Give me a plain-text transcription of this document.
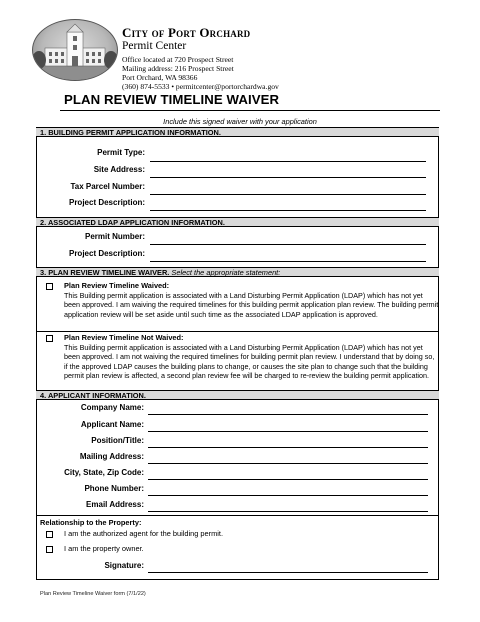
City of Port Orchard
Permit Center
Office located at 720 Prospect Street
Mailing address: 216 Prospect Street
Port Orchard, WA 98366
(360) 874-5533 • permitcenter@portorchardwa.gov
PLAN REVIEW TIMELINE WAIVER
Include this signed waiver with your application
1. BUILDING PERMIT APPLICATION INFORMATION.
Permit Type:
Site Address:
Tax Parcel Number:
Project Description:
2. ASSOCIATED LDAP APPLICATION INFORMATION.
Permit Number:
Project Description:
3. PLAN REVIEW TIMELINE WAIVER. Select the appropriate statement:
Plan Review Timeline Waived:
This Building permit application is associated with a Land Disturbing Permit Application (LDAP) which has not yet been approved. I am waiving the required timelines for this building permit application plan review. The building permit application review will be set aside until such time as the associated LDAP application is approved.
Plan Review Timeline Not Waived:
This Building permit application is associated with a Land Disturbing Permit Application (LDAP) which has not yet been approved. I am not waiving the required timelines for building permit plan review. I understand that by doing so, if the approved LDAP causes the building plans to change, or causes the site plan to change such that the building permit plan review is affected, a second plan review fee will be charged to re-review the building permit application.
4. APPLICANT INFORMATION.
Company Name:
Applicant Name:
Position/Title:
Mailing Address:
City, State, Zip Code:
Phone Number:
Email Address:
Relationship to the Property:
I am the authorized agent for the building permit.
I am the property owner.
Signature:
Plan Review Timeline Waiver form (7/1/22)
